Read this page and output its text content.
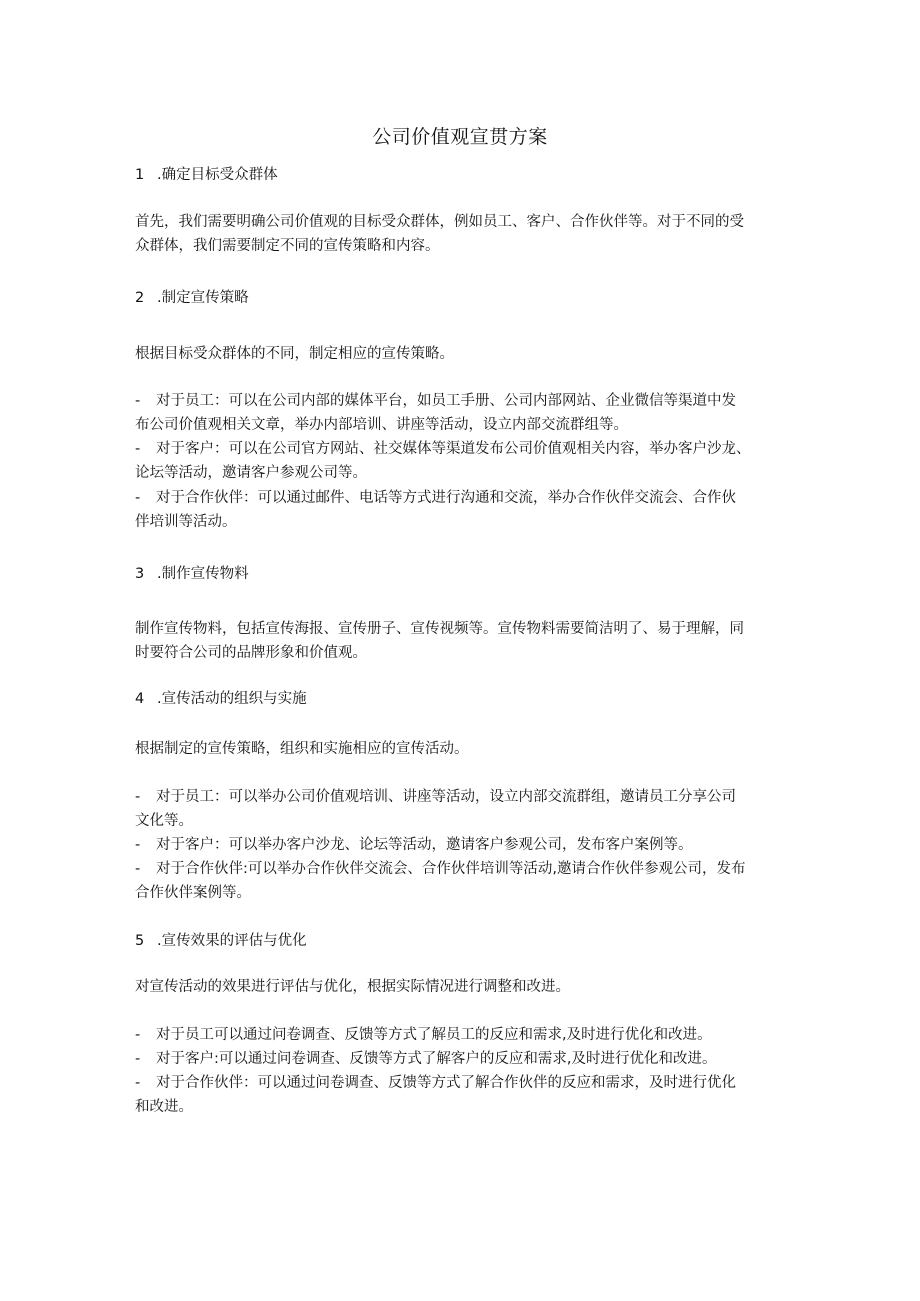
公司价值观宣贯方案
1 .确定目标受众群体
首先，我们需要明确公司价值观的目标受众群体，例如员工、客户、合作伙伴等。对于不同的受
众群体，我们需要制定不同的宣传策略和内容。
2 .制定宣传策略
根据目标受众群体的不同，制定相应的宣传策略。
- 对于员工：可以在公司内部的媒体平台，如员工手册、公司内部网站、企业微信等渠道中发
布公司价值观相关文章，举办内部培训、讲座等活动，设立内部交流群组等。
- 对于客户：可以在公司官方网站、社交媒体等渠道发布公司价值观相关内容，举办客户沙龙、
论坛等活动，邀请客户参观公司等。
- 对于合作伙伴：可以通过邮件、电话等方式进行沟通和交流，举办合作伙伴交流会、合作伙
伴培训等活动。
3 .制作宣传物料
制作宣传物料，包括宣传海报、宣传册子、宣传视频等。宣传物料需要简洁明了、易于理解，同
时要符合公司的品牌形象和价值观。
4 .宣传活动的组织与实施
根据制定的宣传策略，组织和实施相应的宣传活动。
- 对于员工：可以举办公司价值观培训、讲座等活动，设立内部交流群组，邀请员工分享公司
文化等。
- 对于客户：可以举办客户沙龙、论坛等活动，邀请客户参观公司，发布客户案例等。
- 对于合作伙伴:可以举办合作伙伴交流会、合作伙伴培训等活动,邀请合作伙伴参观公司，发布
合作伙伴案例等。
5 .宣传效果的评估与优化
对宣传活动的效果进行评估与优化，根据实际情况进行调整和改进。
- 对于员工可以通过问卷调查、反馈等方式了解员工的反应和需求,及时进行优化和改进。
- 对于客户:可以通过问卷调查、反馈等方式了解客户的反应和需求,及时进行优化和改进。
- 对于合作伙伴：可以通过问卷调查、反馈等方式了解合作伙伴的反应和需求，及时进行优化
和改进。
